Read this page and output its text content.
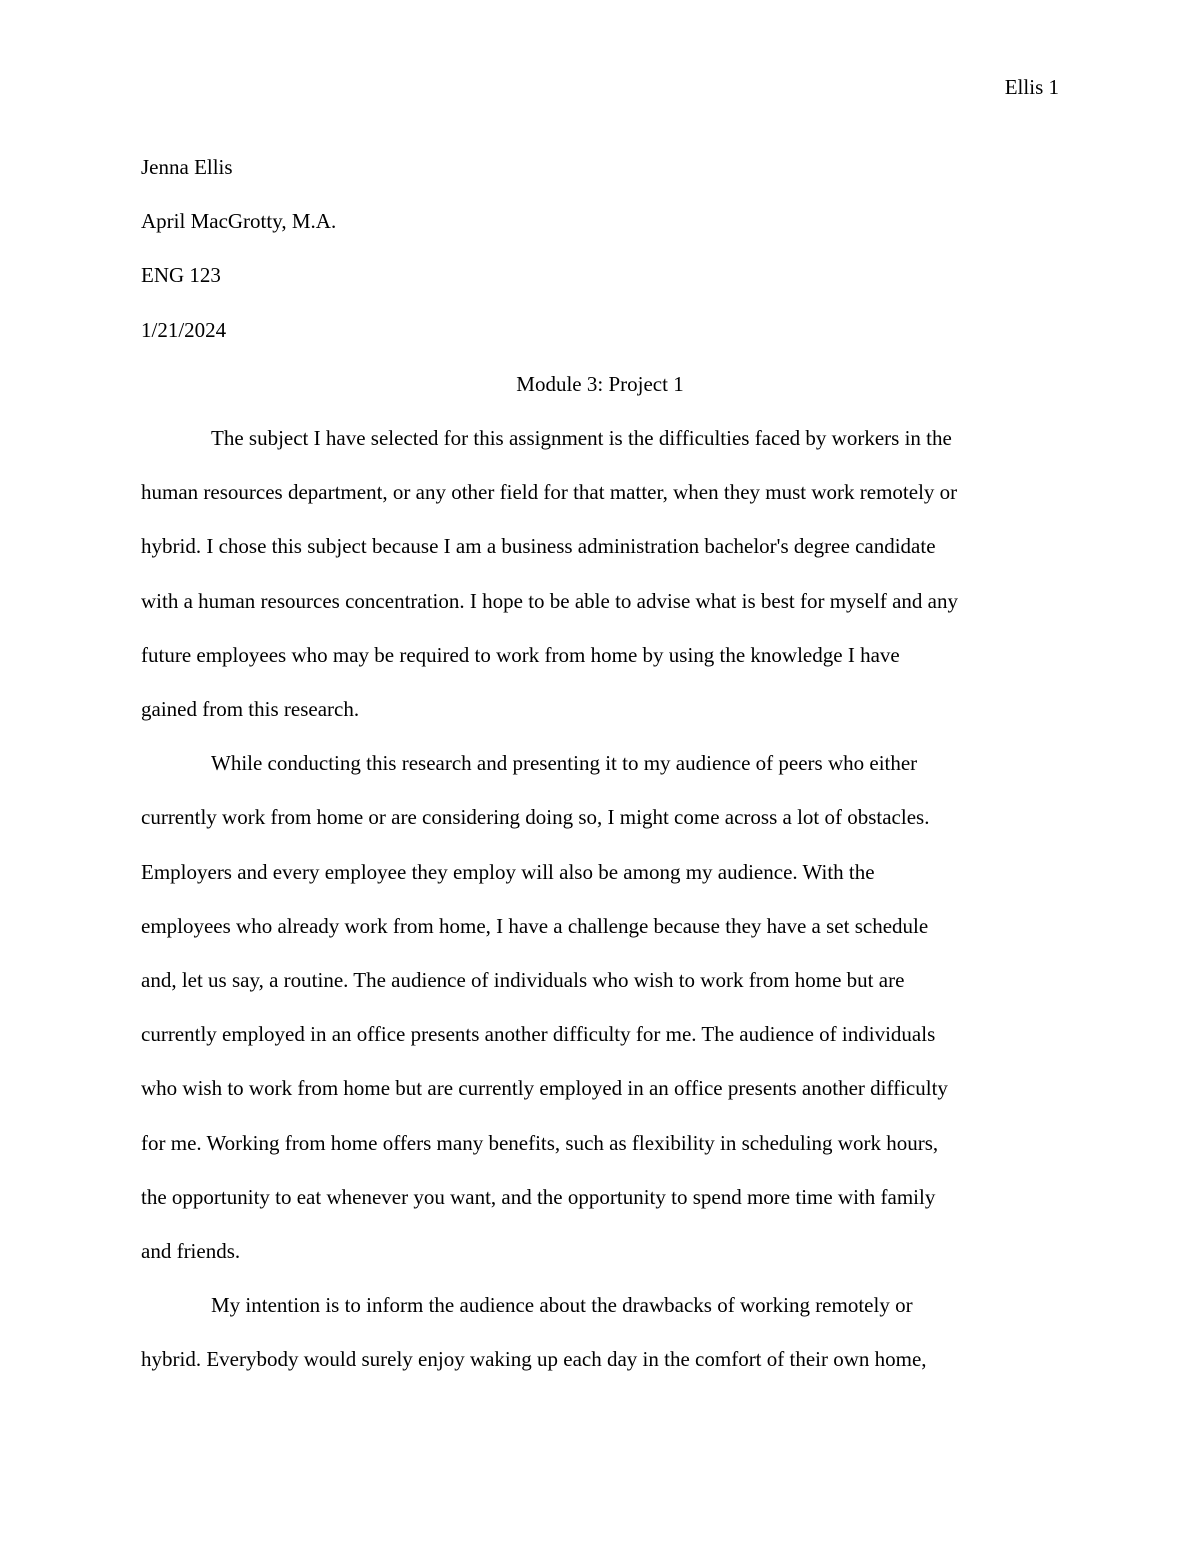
Ellis 1
Jenna Ellis
April MacGrotty, M.A.
ENG 123
1/21/2024
Module 3: Project 1
The subject I have selected for this assignment is the difficulties faced by workers in the
human resources department, or any other field for that matter, when they must work remotely or
hybrid. I chose this subject because I am a business administration bachelor's degree candidate
with a human resources concentration. I hope to be able to advise what is best for myself and any
future employees who may be required to work from home by using the knowledge I have
gained from this research.
While conducting this research and presenting it to my audience of peers who either
currently work from home or are considering doing so, I might come across a lot of obstacles.
Employers and every employee they employ will also be among my audience. With the
employees who already work from home, I have a challenge because they have a set schedule
and, let us say, a routine. The audience of individuals who wish to work from home but are
currently employed in an office presents another difficulty for me. The audience of individuals
who wish to work from home but are currently employed in an office presents another difficulty
for me. Working from home offers many benefits, such as flexibility in scheduling work hours,
the opportunity to eat whenever you want, and the opportunity to spend more time with family
and friends.
My intention is to inform the audience about the drawbacks of working remotely or
hybrid. Everybody would surely enjoy waking up each day in the comfort of their own home,
